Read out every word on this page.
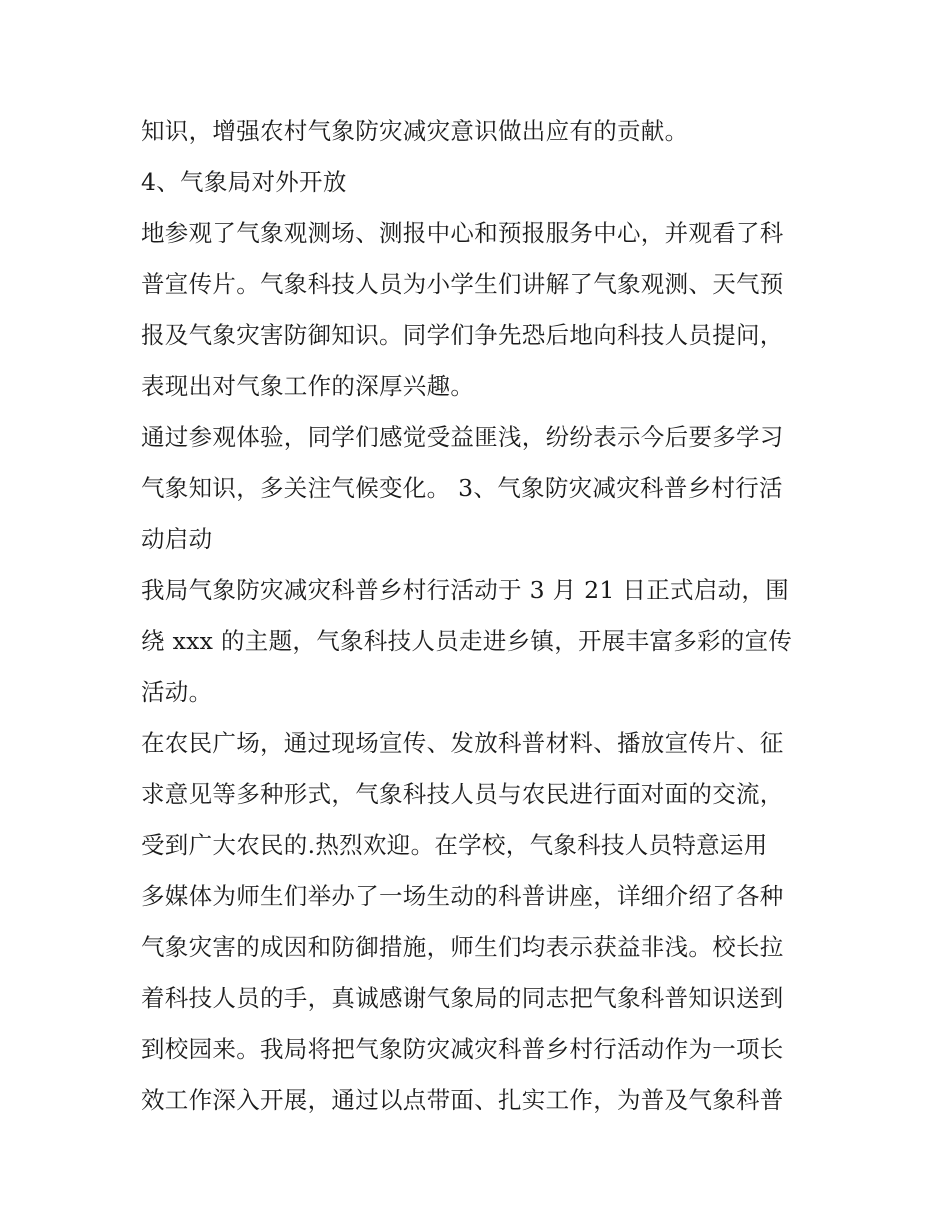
知识，增强农村气象防灾减灾意识做出应有的贡献。
4、气象局对外开放
地参观了气象观测场、测报中心和预报服务中心，并观看了科
普宣传片。气象科技人员为小学生们讲解了气象观测、天气预
报及气象灾害防御知识。同学们争先恐后地向科技人员提问，
表现出对气象工作的深厚兴趣。
通过参观体验，同学们感觉受益匪浅，纷纷表示今后要多学习
气象知识，多关注气候变化。 3、气象防灾减灾科普乡村行活
动启动
我局气象防灾减灾科普乡村行活动于 3 月 21 日正式启动，围
绕 xxx 的主题，气象科技人员走进乡镇，开展丰富多彩的宣传
活动。
在农民广场，通过现场宣传、发放科普材料、播放宣传片、征
求意见等多种形式，气象科技人员与农民进行面对面的交流，
受到广大农民的.热烈欢迎。在学校，气象科技人员特意运用
多媒体为师生们举办了一场生动的科普讲座，详细介绍了各种
气象灾害的成因和防御措施，师生们均表示获益非浅。校长拉
着科技人员的手，真诚感谢气象局的同志把气象科普知识送到
到校园来。我局将把气象防灾减灾科普乡村行活动作为一项长
效工作深入开展，通过以点带面、扎实工作，为普及气象科普
